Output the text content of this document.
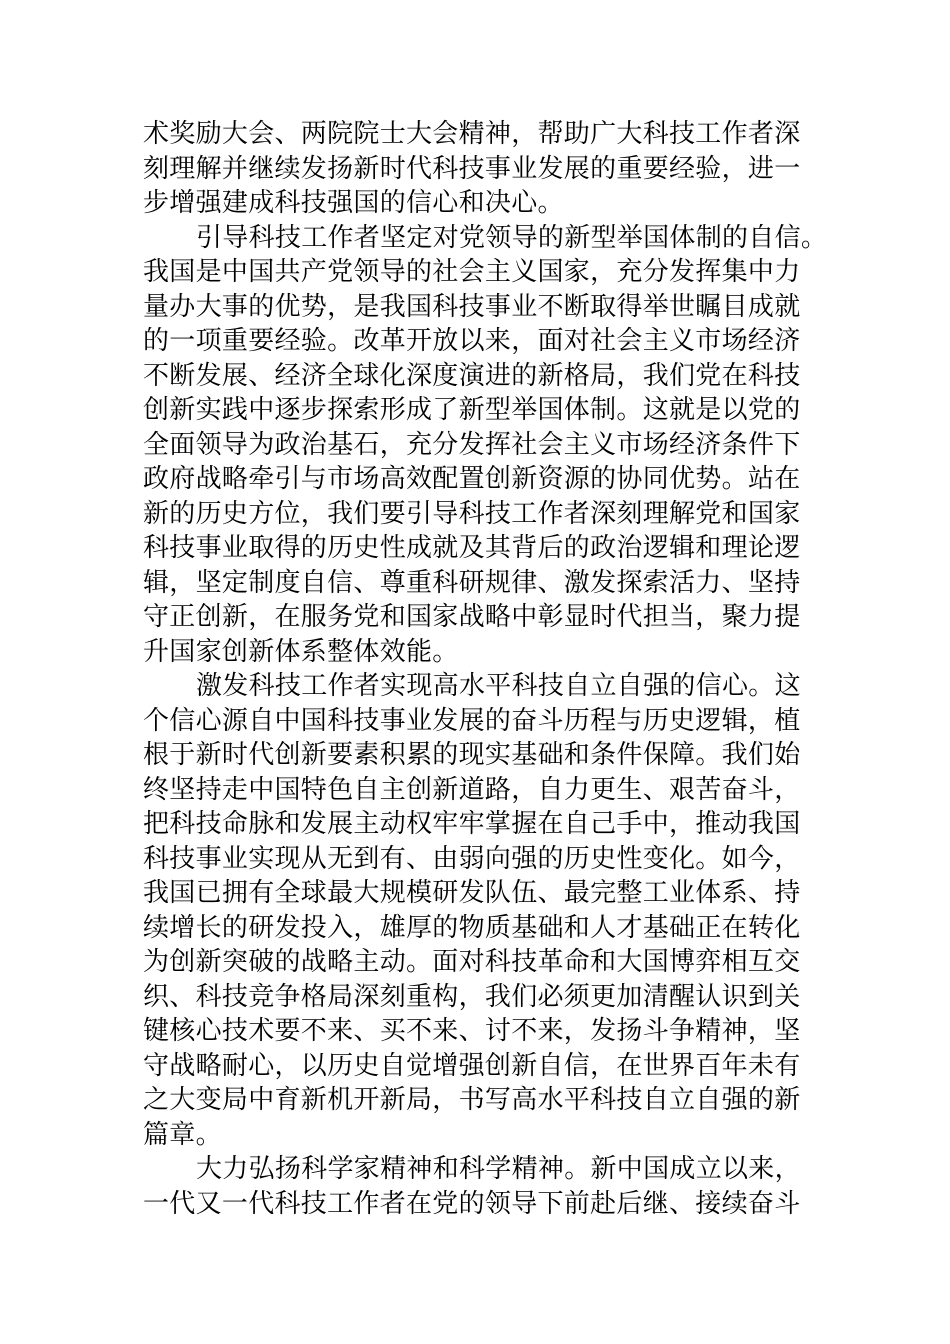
术奖励大会、两院院士大会精神，帮助广大科技工作者深
刻理解并继续发扬新时代科技事业发展的重要经验，进一
步增强建成科技强国的信心和决心。
引导科技工作者坚定对党领导的新型举国体制的自信。
我国是中国共产党领导的社会主义国家，充分发挥集中力
量办大事的优势，是我国科技事业不断取得举世瞩目成就
的一项重要经验。改革开放以来，面对社会主义市场经济
不断发展、经济全球化深度演进的新格局，我们党在科技
创新实践中逐步探索形成了新型举国体制。这就是以党的
全面领导为政治基石，充分发挥社会主义市场经济条件下
政府战略牵引与市场高效配置创新资源的协同优势。站在
新的历史方位，我们要引导科技工作者深刻理解党和国家
科技事业取得的历史性成就及其背后的政治逻辑和理论逻
辑，坚定制度自信、尊重科研规律、激发探索活力、坚持
守正创新，在服务党和国家战略中彰显时代担当，聚力提
升国家创新体系整体效能。
激发科技工作者实现高水平科技自立自强的信心。这
个信心源自中国科技事业发展的奋斗历程与历史逻辑，植
根于新时代创新要素积累的现实基础和条件保障。我们始
终坚持走中国特色自主创新道路，自力更生、艰苦奋斗，
把科技命脉和发展主动权牢牢掌握在自己手中，推动我国
科技事业实现从无到有、由弱向强的历史性变化。如今，
我国已拥有全球最大规模研发队伍、最完整工业体系、持
续增长的研发投入，雄厚的物质基础和人才基础正在转化
为创新突破的战略主动。面对科技革命和大国博弈相互交
织、科技竞争格局深刻重构，我们必须更加清醒认识到关
键核心技术要不来、买不来、讨不来，发扬斗争精神，坚
守战略耐心，以历史自觉增强创新自信，在世界百年未有
之大变局中育新机开新局，书写高水平科技自立自强的新
篇章。
大力弘扬科学家精神和科学精神。新中国成立以来，
一代又一代科技工作者在党的领导下前赴后继、接续奋斗
